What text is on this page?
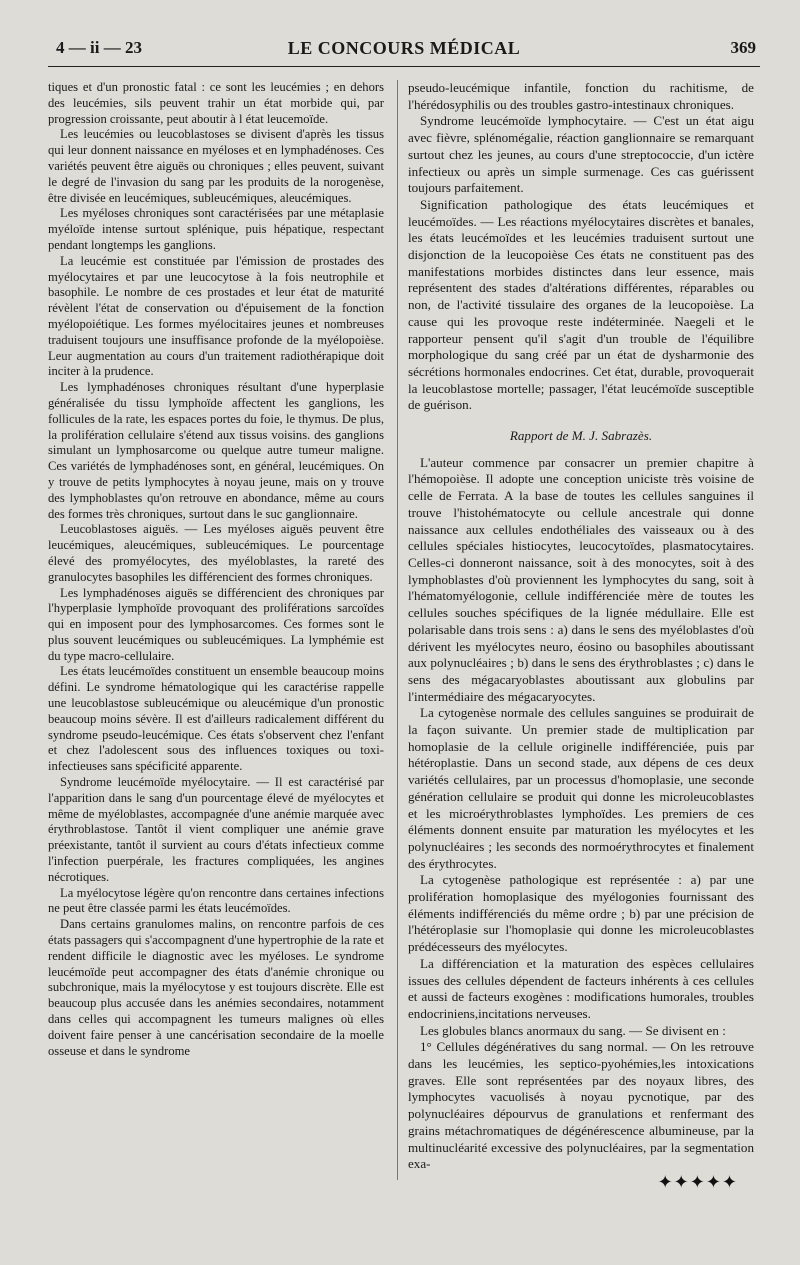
4 — ii — 23	LE CONCOURS MÉDICAL	369

tiques et d'un pronostic fatal : ce sont les leucémies ; en dehors des leucémies, sils peuvent trahir un état morbide qui, par progression croissante, peut aboutir à l état leucemoïde.

Les leucémies ou leucoblastoses se divisent d'après les tissus qui leur donnent naissance en myéloses et en lymphadénoses. Ces variétés peuvent être aiguës ou chroniques ; elles peuvent, suivant le degré de l'invasion du sang par les produits de la norogenèse, être divisée en leucémiques, subleucémiques, aleucémiques.

Les myéloses chroniques sont caractérisées par une métaplasie myéloïde intense surtout splénique, puis hépatique, respectant pendant longtemps les ganglions.

La leucémie est constituée par l'émission de prostades des myélocytaires et par une leucocytose à la fois neutrophile et basophile. Le nombre de ces prostades et leur état de maturité révèlent l'état de conservation ou d'épuisement de la fonction myélopoiétique. Les formes myélocitaires jeunes et nombreuses traduisent toujours une insuffisance profonde de la myélopoièse. Leur augmentation au cours d'un traitement radiothérapique doit inciter à la prudence.

Les lymphadénoses chroniques résultant d'une hyperplasie généralisée du tissu lymphoïde affectent les ganglions, les follicules de la rate, les espaces portes du foie, le thymus. De plus, la prolifération cellulaire s'étend aux tissus voisins. des ganglions simulant un lymphosarcome ou quelque autre tumeur maligne. Ces variétés de lymphadénoses sont, en général, leucémiques. On y trouve de petits lymphocytes à noyau jeune, mais on y trouve des lymphoblastes qu'on retrouve en abondance, même au cours des formes très chroniques, surtout dans le suc ganglionnaire.

Leucoblastoses aiguës. — Les myéloses aiguës peuvent être leucémiques, aleucémiques, subleucémiques. Le pourcentage élevé des promyélocytes, des myéloblastes, la rareté des granulocytes basophiles les différencient des formes chroniques.

Les lymphadénoses aiguës se différencient des chroniques par l'hyperplasie lymphoïde provoquant des proliférations sarcoïdes qui en imposent pour des lymphosarcomes. Ces formes sont le plus souvent leucémiques ou subleucémiques. La lymphémie est du type macro-cellulaire.

Les états leucémoïdes constituent un ensemble beaucoup moins défini. Le syndrome hématologique qui les caractérise rappelle une leucoblastose subleucémique ou aleucémique d'un pronostic beaucoup moins sévère. Il est d'ailleurs radicalement différent du syndrome pseudo-leucémique. Ces états s'observent chez l'enfant et chez l'adolescent sous des influences toxiques ou toxi-infectieuses sans spécificité apparente.

Syndrome leucémoïde myélocytaire. — Il est caractérisé par l'apparition dans le sang d'un pourcentage élevé de myélocytes et même de myéloblastes, accompagnée d'une anémie marquée avec érythroblastose. Tantôt il vient compliquer une anémie grave préexistante, tantôt il survient au cours d'états infectieux comme l'infection puerpérale, les fractures compliquées, les angines nécrotiques.

La myélocytose légère qu'on rencontre dans certaines infections ne peut être classée parmi les états leucémoïdes.

Dans certains granulomes malins, on rencontre parfois de ces états passagers qui s'accompagnent d'une hypertrophie de la rate et rendent difficile le diagnostic avec les myéloses. Le syndrome leucémoïde peut accompagner des états d'anémie chronique ou subchronique, mais la myélocytose y est toujours discrète. Elle est beaucoup plus accusée dans les anémies secondaires, notamment dans celles qui accompagnent les tumeurs malignes où elles doivent faire penser à une cancérisation secondaire de la moelle osseuse et dans le syndrome

pseudo-leucémique infantile, fonction du rachitisme, de l'hérédosyphilis ou des troubles gastro-intestinaux chroniques.

Syndrome leucémoïde lymphocytaire. — C'est un état aigu avec fièvre, splénomégalie, réaction ganglionnaire se remarquant surtout chez les jeunes, au cours d'une streptococcie, d'un ictère infectieux ou après un simple surmenage. Ces cas guérissent toujours parfaitement.

Signification pathologique des états leucémiques et leucémoïdes. — Les réactions myélocytaires discrètes et banales, les états leucémoïdes et les leucémies traduisent surtout une disjonction de la leucopoièse Ces états ne constituent pas des manifestations morbides distinctes dans leur essence, mais représentent des stades d'altérations différentes, réparables ou non, de l'activité tissulaire des organes de la leucopoièse. La cause qui les provoque reste indéterminée. Naegeli et le rapporteur pensent qu'il s'agit d'un trouble de l'équilibre morphologique du sang créé par un état de dysharmonie des sécrétions hormonales endocrines. Cet état, durable, provoquerait la leucoblastose mortelle; passager, l'état leucémoïde susceptible de guérison.

Rapport de M. J. Sabrazès.

L'auteur commence par consacrer un premier chapitre à l'hémopoièse. Il adopte une conception uniciste très voisine de celle de Ferrata. A la base de toutes les cellules sanguines il trouve l'histohématocyte ou cellule ancestrale qui donne naissance aux cellules endothéliales des vaisseaux ou à des cellules spéciales histiocytes, leucocytoïdes, plasmatocytaires. Celles-ci donneront naissance, soit à des monocytes, soit à des lymphoblastes d'où proviennent les lymphocytes du sang, soit à l'hématomyélogonie, cellule indifférenciée mère de toutes les cellules souches spécifiques de la lignée médullaire. Elle est polarisable dans trois sens : a) dans le sens des myéloblastes d'où dérivent les myélocytes neuro, éosino ou basophiles aboutissant aux polynucléaires ; b) dans le sens des érythroblastes ; c) dans le sens des mégacaryoblastes aboutissant aux globulins par l'intermédiaire des mégacaryocytes.

La cytogenèse normale des cellules sanguines se produirait de la façon suivante. Un premier stade de multiplication par homoplasie de la cellule originelle indifférenciée, puis par hétéroplastie. Dans un second stade, aux dépens de ces deux variétés cellulaires, par un processus d'homoplasie, une seconde génération cellulaire se produit qui donne les microleucoblastes et les microérythroblastes lymphoïdes. Les premiers de ces éléments donnent ensuite par maturation les myélocytes et les polynucléaires ; les seconds des normoérythrocytes et finalement des érythrocytes.

La cytogenèse pathologique est représentée : a) par une prolifération homoplasique des myélogonies fournissant des éléments indifférenciés du même ordre ; b) par une précision de l'hétéroplasie sur l'homoplasie qui donne les microleucoblastes prédécesseurs des myélocytes.

La différenciation et la maturation des espèces cellulaires issues des cellules dépendent de facteurs inhérents à ces cellules et aussi de facteurs exogènes : modifications humorales, troubles endocriniens,incitations nerveuses.

Les globules blancs anormaux du sang. — Se divisent en :

1° Cellules dégénératives du sang normal. — On les retrouve dans les leucémies, les septico-pyohémies,les intoxications graves. Elle sont représentées par des noyaux libres, des lymphocytes vacuolisés à noyau pycnotique, par des polynucléaires dépourvus de granulations et renfermant des grains métachromatiques de dégénérescence albumineuse, par la multinucléarité excessive des polynucléaires, par la segmentation exa-

✦✦✦✦✦
